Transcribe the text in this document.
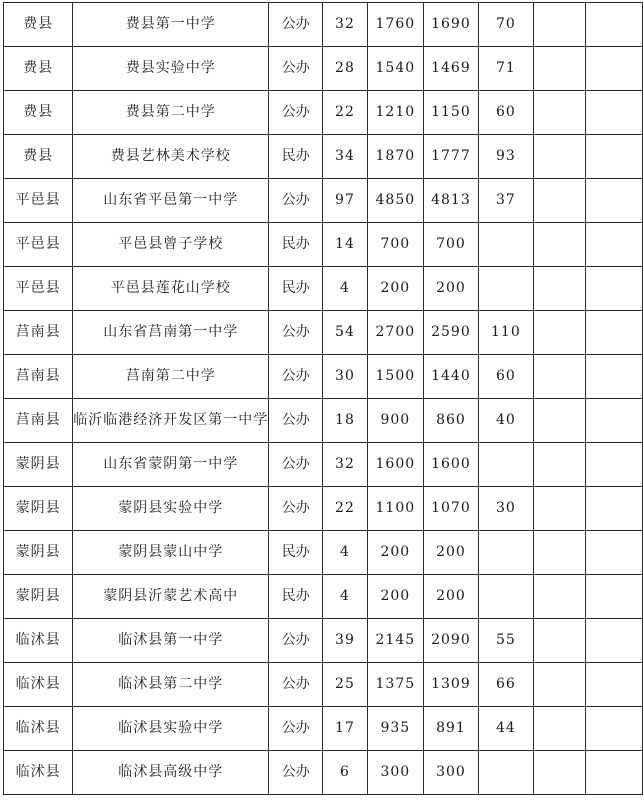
费县	费县第一中学	公办	32	1760	1690	70		
费县	费县实验中学	公办	28	1540	1469	71		
费县	费县第二中学	公办	22	1210	1150	60		
费县	费县艺林美术学校	民办	34	1870	1777	93		
平邑县	山东省平邑第一中学	公办	97	4850	4813	37		
平邑县	平邑县曾子学校	民办	14	700	700			
平邑县	平邑县莲花山学校	民办	4	200	200			
莒南县	山东省莒南第一中学	公办	54	2700	2590	110		
莒南县	莒南第二中学	公办	30	1500	1440	60		
莒南县	临沂临港经济开发区第一中学	公办	18	900	860	40		
蒙阴县	山东省蒙阴第一中学	公办	32	1600	1600			
蒙阴县	蒙阴县实验中学	公办	22	1100	1070	30		
蒙阴县	蒙阴县蒙山中学	民办	4	200	200			
蒙阴县	蒙阴县沂蒙艺术高中	民办	4	200	200			
临沭县	临沭县第一中学	公办	39	2145	2090	55		
临沭县	临沭县第二中学	公办	25	1375	1309	66		
临沭县	临沭县实验中学	公办	17	935	891	44		
临沭县	临沭县高级中学	公办	6	300	300			
